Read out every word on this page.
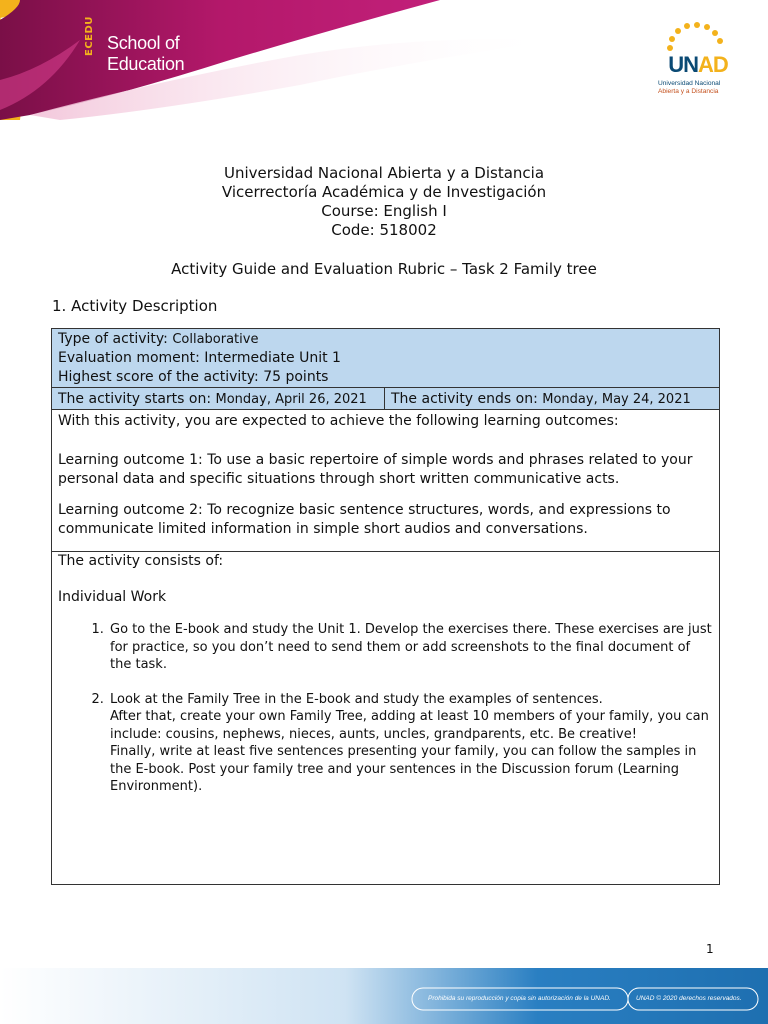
ECEDU School of
Education	UNAD
Universidad Nacional
Abierta y a Distancia
Universidad Nacional Abierta y a Distancia
Vicerrectoría Académica y de Investigación
Course: English I
Code: 518002
Activity Guide and Evaluation Rubric – Task 2 Family tree
1. Activity Description
Type of activity: Collaborative
Evaluation moment: Intermediate Unit 1
Highest score of the activity: 75 points

The activity starts on: Monday, April 26, 2021	The activity ends on: Monday, May 24, 2021

With this activity, you are expected to achieve the following learning outcomes:

Learning outcome 1: To use a basic repertoire of simple words and phrases related to your personal data and specific situations through short written communicative acts.

Learning outcome 2: To recognize basic sentence structures, words, and expressions to communicate limited information in simple short audios and conversations.

The activity consists of:

Individual Work

1. Go to the E-book and study the Unit 1. Develop the exercises there. These exercises are just for practice, so you don’t need to send them or add screenshots to the final document of the task.
2. Look at the Family Tree in the E-book and study the examples of sentences.
After that, create your own Family Tree, adding at least 10 members of your family, you can include: cousins, nephews, nieces, aunts, uncles, grandparents, etc. Be creative!
Finally, write at least five sentences presenting your family, you can follow the samples in the E-book. Post your family tree and your sentences in the Discussion forum (Learning Environment).
1
Prohibida su reproducción y copia sin autorización de la UNAD.	UNAD © 2020 derechos reservados.
